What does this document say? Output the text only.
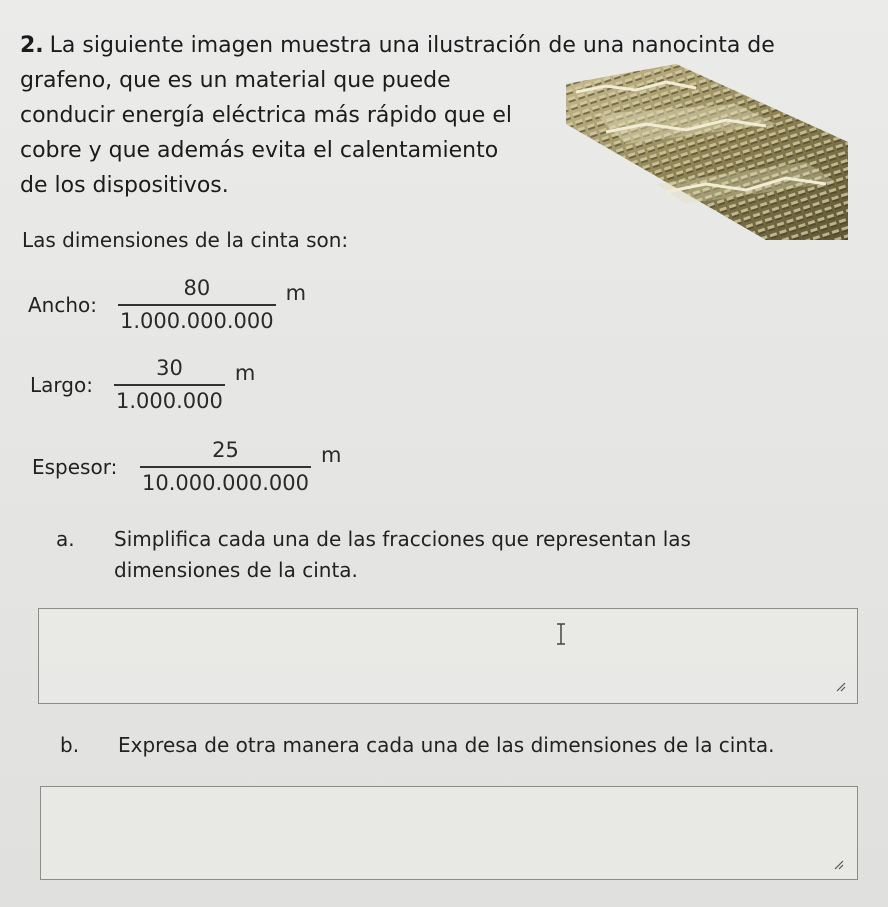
2. La siguiente imagen muestra una ilustración de una nanocinta de
grafeno, que es un material que puede
conducir energía eléctrica más rápido que el
cobre y que además evita el calentamiento
de los dispositivos.
Las dimensiones de la cinta son:
Ancho: $\frac{80}{1.000.000.000}$ m
Largo:	$\frac{30}{1.000.000}$ m
Espesor:	$\frac{25}{10.000.000.000}$ m
a. Simplifica cada una de las fracciones que representan las
dimensiones de la cinta.
b. Expresa de otra manera cada una de las dimensiones de la cinta.
